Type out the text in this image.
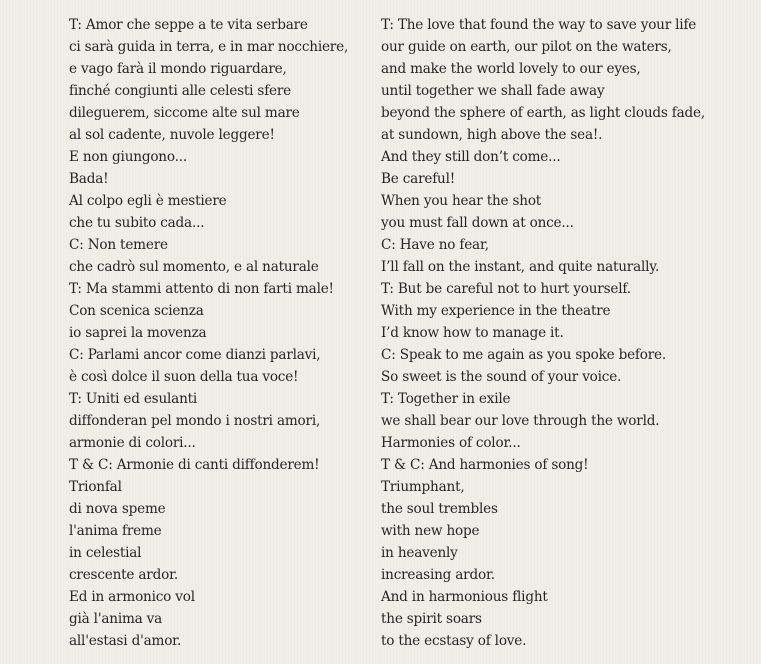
T: Amor che seppe a te vita serbare
ci sarà guida in terra, e in mar nocchiere,
e vago farà il mondo riguardare,
finché congiunti alle celesti sfere
dileguerem, siccome alte sul mare
al sol cadente, nuvole leggere!
E non giungono...
Bada!
Al colpo egli è mestiere
che tu subito cada...
C: Non temere
che cadrò sul momento, e al naturale
T: Ma stammi attento di non farti male!
Con scenica scienza
io saprei la movenza
C: Parlami ancor come dianzi parlavi,
è così dolce il suon della tua voce!
T: Uniti ed esulanti
diffonderan pel mondo i nostri amori,
armonie di colori...
T & C: Armonie di canti diffonderem!
Trionfal
di nova speme
l'anima freme
in celestial
crescente ardor.
Ed in armonico vol
già l'anima va
all'estasi d'amor.
T: The love that found the way to save your life
our guide on earth, our pilot on the waters,
and make the world lovely to our eyes,
until together we shall fade away
beyond the sphere of earth, as light clouds fade,
at sundown, high above the sea!.
And they still don’t come...
Be careful!
When you hear the shot
you must fall down at once...
C: Have no fear,
I’ll fall on the instant, and quite naturally.
T: But be careful not to hurt yourself.
With my experience in the theatre
I’d know how to manage it.
C: Speak to me again as you spoke before.
So sweet is the sound of your voice.
T: Together in exile
we shall bear our love through the world.
Harmonies of color...
T & C: And harmonies of song!
Triumphant,
the soul trembles
with new hope
in heavenly
increasing ardor.
And in harmonious flight
the spirit soars
to the ecstasy of love.
